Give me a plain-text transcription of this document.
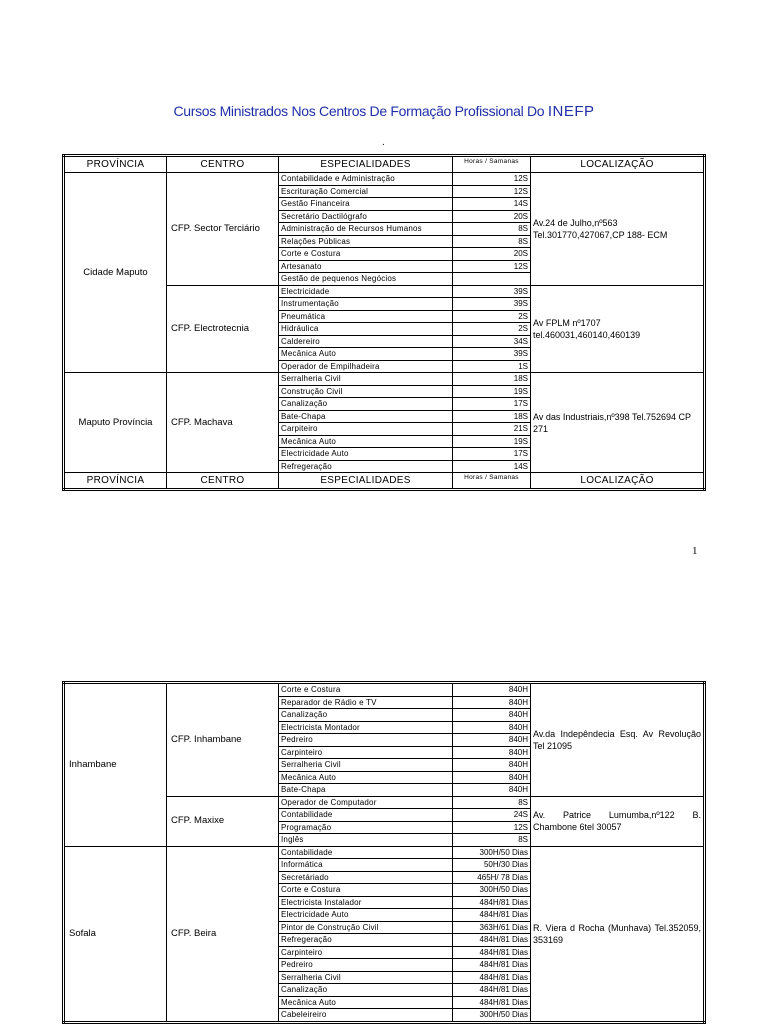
Cursos Ministrados Nos Centros De Formação Profissional Do INEFP
.
PROVÍNCIA	CENTRO	ESPECIALIDADES	Horas / Samanas	LOCALIZAÇÃO
Cidade Maputo	CFP. Sector Terciário	Contabilidade e Administração	12S	Av.24 de Julho,nº563 Tel.301770,427067,CP 188- ECM
		Escrituração Comercial	12S	
		Gestão Financeira	14S	
		Secretário Dactilógrafo	20S	
		Administração de Recursos Humanos	8S	
		Relações Públicas	8S	
		Corte e Costura	20S	
		Artesanato	12S	
		Gestão de pequenos Negócios		
	CFP. Electrotecnia	Electricidade	39S	Av FPLM nº1707 tel.460031,460140,460139
		Instrumentação	39S	
		Pneumática	2S	
		Hidráulica	2S	
		Caldereiro	34S	
		Mecânica Auto	39S	
		Operador de Empilhadeira	1S	
Maputo Província	CFP. Machava	Serralheria Civil	18S	Av das Industriais,nº398 Tel.752694 CP 271
		Construção Civil	19S	
		Canalização	17S	
		Bate-Chapa	18S	
		Carpiteiro	21S	
		Mecânica Auto	19S	
		Electricidade Auto	17S	
		Refregeração	14S	
PROVÍNCIA	CENTRO	ESPECIALIDADES	Horas / Samanas	LOCALIZAÇÃO
1
Inhambane	CFP. Inhambane	Corte e Costura	840H	Av.da Indepêndecia Esq. Av Revolução Tel 21095
		Reparador de Rádio e TV	840H	
		Canalização	840H	
		Electricista Montador	840H	
		Pedreiro	840H	
		Carpinteiro	840H	
		Serralheria Civil	840H	
		Mecânica Auto	840H	
		Bate-Chapa	840H	
	CFP. Maxixe	Operador de Computador	8S	Av. Patrice Lumumba,nº122 B. Chambone 6tel 30057
		Contabilidade	24S	
		Programação	12S	
		Inglês	8S	
Sofala	CFP. Beira	Contabilidade	300H/50 Dias	R. Viera d Rocha (Munhava) Tel.352059, 353169
		Informática	50H/30 Dias	
		Secretáriado	465H/ 78 Dias	
		Corte e Costura	300H/50 Dias	
		Electricista Instalador	484H/81 Dias	
		Electricidade Auto	484H/81 Dias	
		Pintor de Construção Civil	363H/61 Dias	
		Refregeração	484H/81 Dias	
		Carpinteiro	484H/81 Dias	
		Pedreiro	484H/81 Dias	
		Serralheria Civil	484H/81 Dias	
		Canalização	484H/81 Dias	
		Mecânica Auto	484H/81 Dias	
		Cabeleireiro	300H/50 Dias	
